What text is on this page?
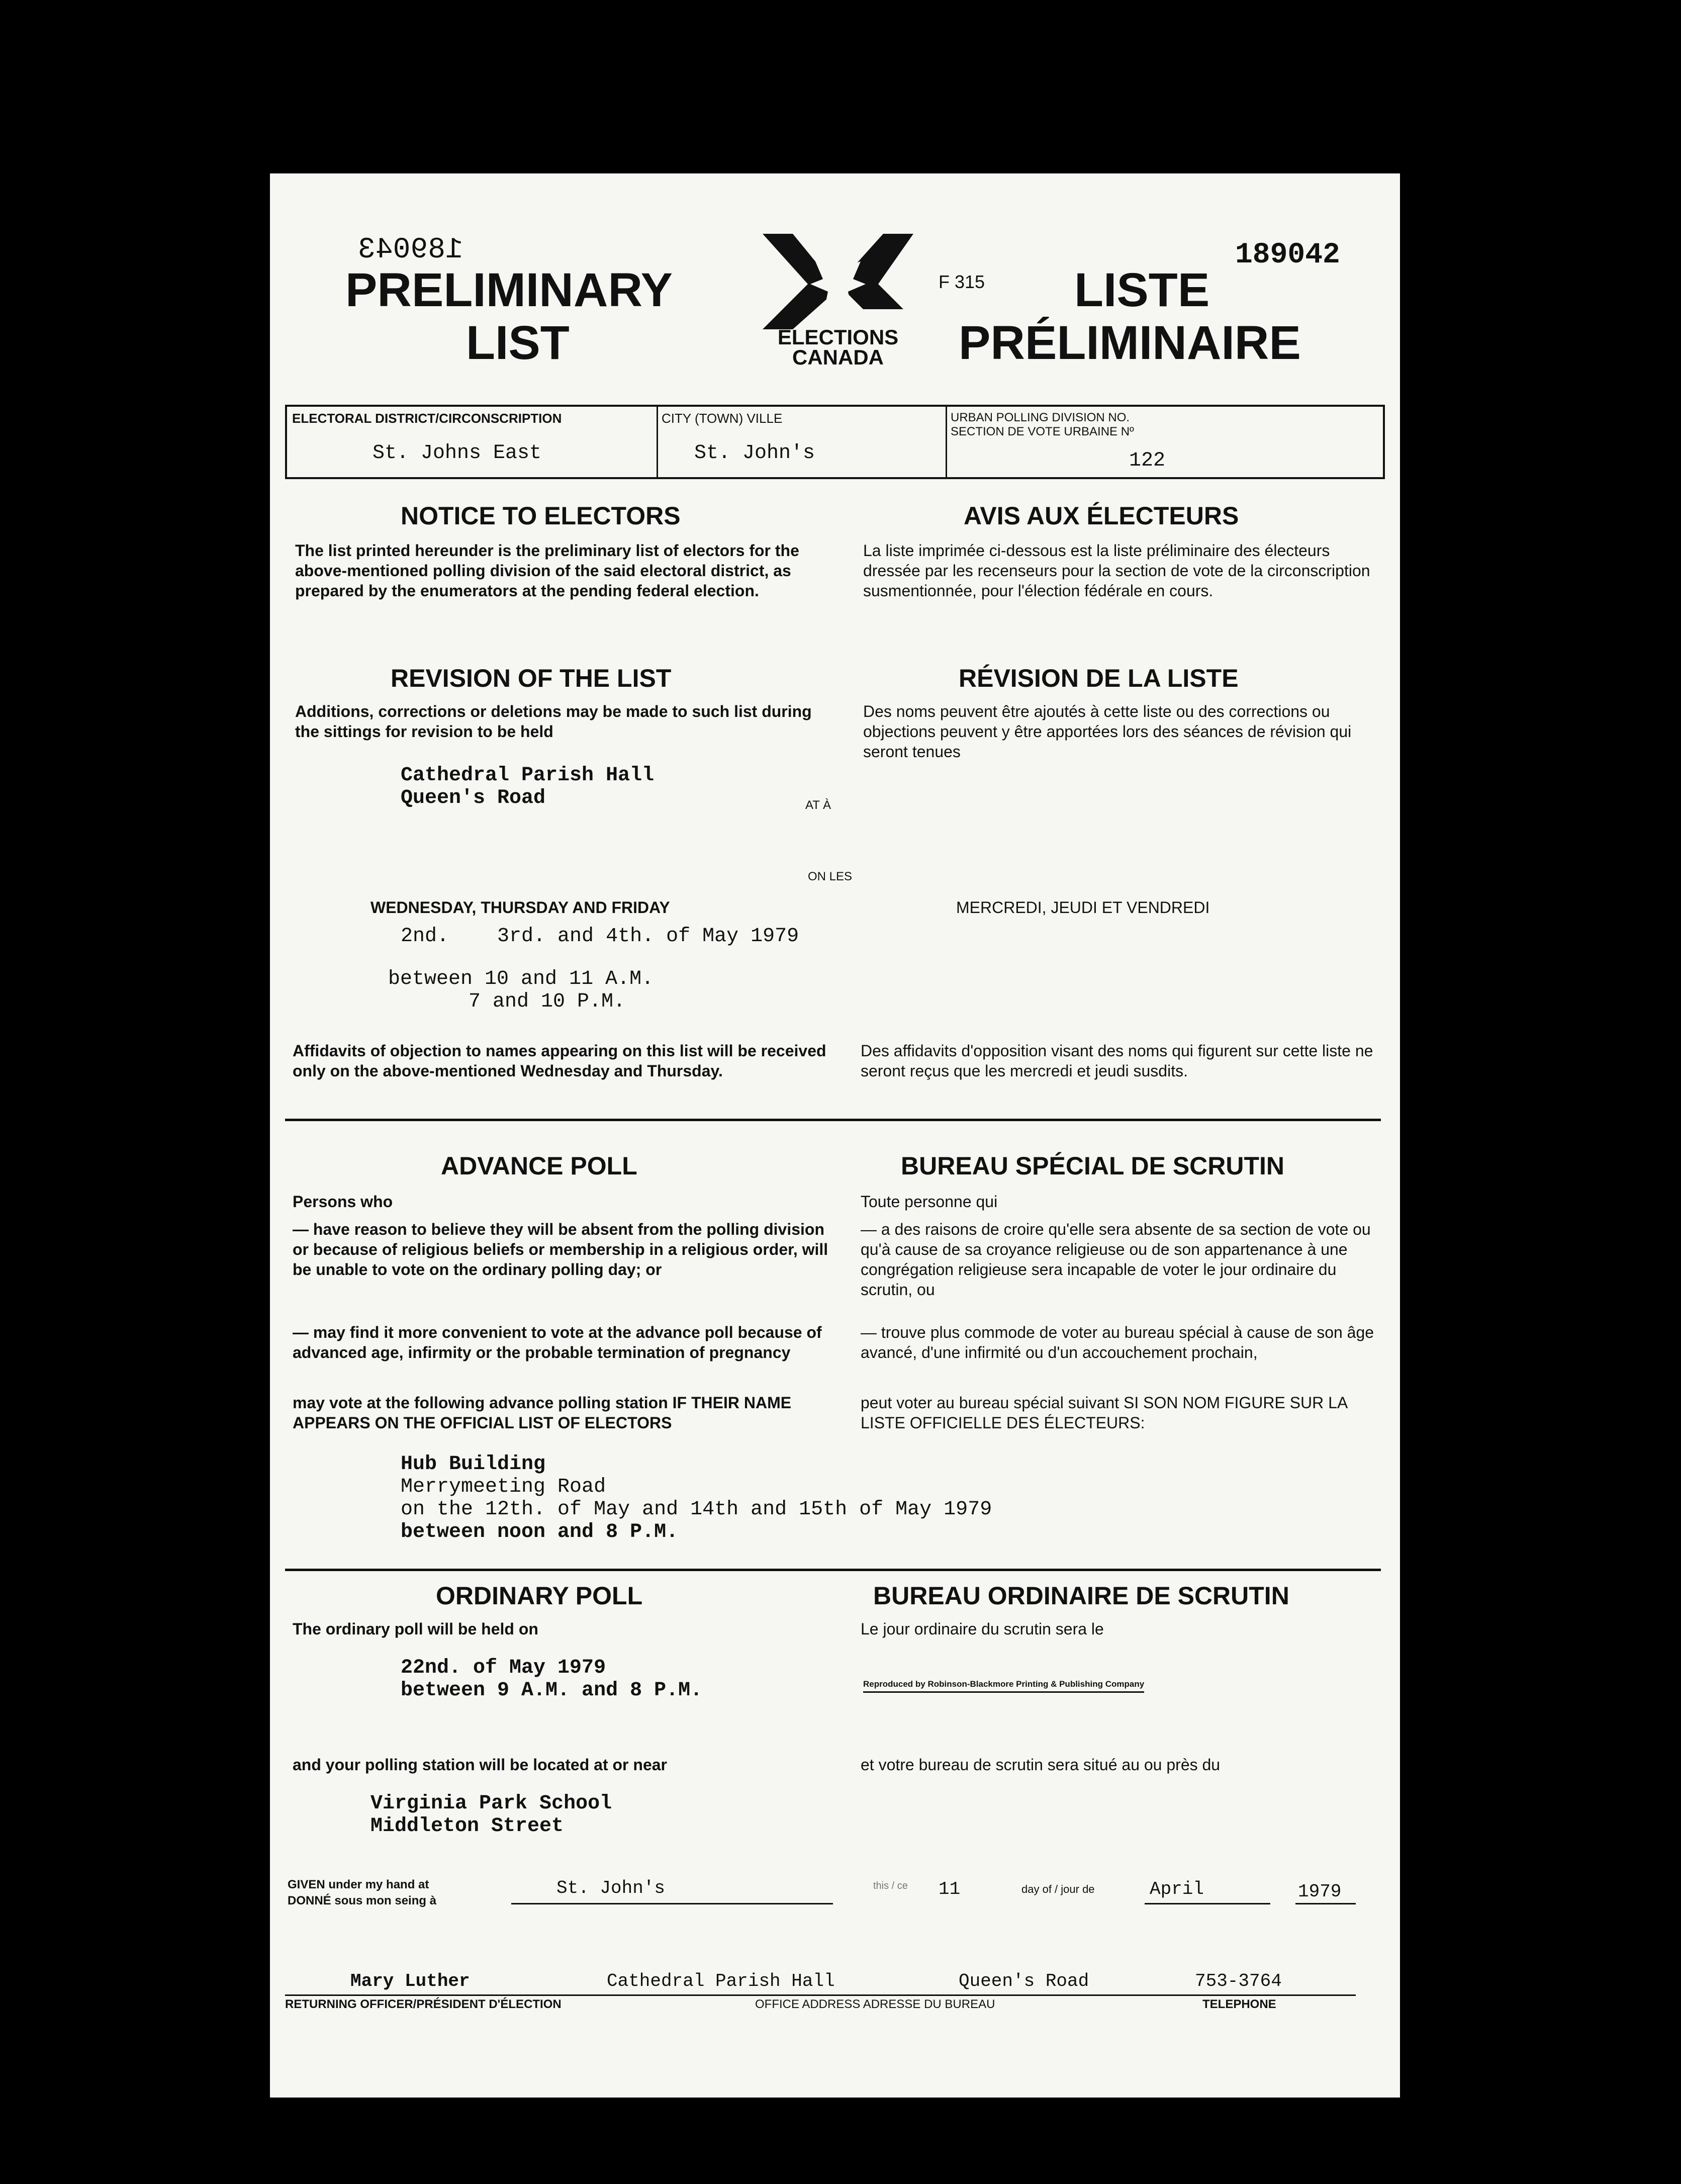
189043	189042
PRELIMINARY
LIST	ELECTIONS
CANADA
F 315 LISTE
PRÉLIMINAIRE
ELECTORAL DISTRICT/CIRCONSCRIPTION
St. Johns East
CITY (TOWN) VILLE
St. John's
URBAN POLLING DIVISION NO.
SECTION DE VOTE URBAINE Nº
122
NOTICE TO ELECTORS	AVIS AUX ÉLECTEURS
The list printed hereunder is the preliminary list of electors for the above-mentioned polling division of the said electoral district, as prepared by the enumerators at the pending federal election.
La liste imprimée ci-dessous est la liste préliminaire des électeurs dressée par les recenseurs pour la section de vote de la circonscription susmentionnée, pour l'élection fédérale en cours.
REVISION OF THE LIST	RÉVISION DE LA LISTE
Additions, corrections or deletions may be made to such list during the sittings for revision to be held
Des noms peuvent être ajoutés à cette liste ou des corrections ou objections peuvent y être apportées lors des séances de révision qui seront tenues
Cathedral Parish Hall
Queen's Road	AT À
ON LES
WEDNESDAY, THURSDAY AND FRIDAY	MERCREDI, JEUDI ET VENDREDI
2nd.    3rd. and 4th. of May 1979
between 10 and 11 A.M.
7 and 10 P.M.
Affidavits of objection to names appearing on this list will be received only on the above-mentioned Wednesday and Thursday.
Des affidavits d'opposition visant des noms qui figurent sur cette liste ne seront reçus que les mercredi et jeudi susdits.
ADVANCE POLL	BUREAU SPÉCIAL DE SCRUTIN
Persons who	Toute personne qui
— have reason to believe they will be absent from the polling division or because of religious beliefs or membership in a religious order, will be unable to vote on the ordinary polling day; or
— a des raisons de croire qu'elle sera absente de sa section de vote ou qu'à cause de sa croyance religieuse ou de son appartenance à une congrégation religieuse sera incapable de voter le jour ordinaire du scrutin, ou
— may find it more convenient to vote at the advance poll because of advanced age, infirmity or the probable termination of pregnancy
— trouve plus commode de voter au bureau spécial à cause de son âge avancé, d'une infirmité ou d'un accouchement prochain,
may vote at the following advance polling station IF THEIR NAME APPEARS ON THE OFFICIAL LIST OF ELECTORS
peut voter au bureau spécial suivant SI SON NOM FIGURE SUR LA LISTE OFFICIELLE DES ÉLECTEURS:
Hub Building
Merrymeeting Road
on the 12th. of May and 14th and 15th of May 1979
between noon and 8 P.M.
ORDINARY POLL	BUREAU ORDINAIRE DE SCRUTIN
The ordinary poll will be held on	Le jour ordinaire du scrutin sera le
22nd. of May 1979
between 9 A.M. and 8 P.M.	Reproduced by Robinson-Blackmore Printing & Publishing Company
and your polling station will be located at or near	et votre bureau de scrutin sera situé au ou près du
Virginia Park School
Middleton Street
GIVEN under my hand at
DONNÉ sous mon seing à
St. John's	this / ce 11	day of / jour de	April	1979
Mary Luther	Cathedral Parish Hall	Queen's Road	753-3764
RETURNING OFFICER/PRÉSIDENT D'ÉLECTION	OFFICE ADDRESS ADRESSE DU BUREAU	TELEPHONE
